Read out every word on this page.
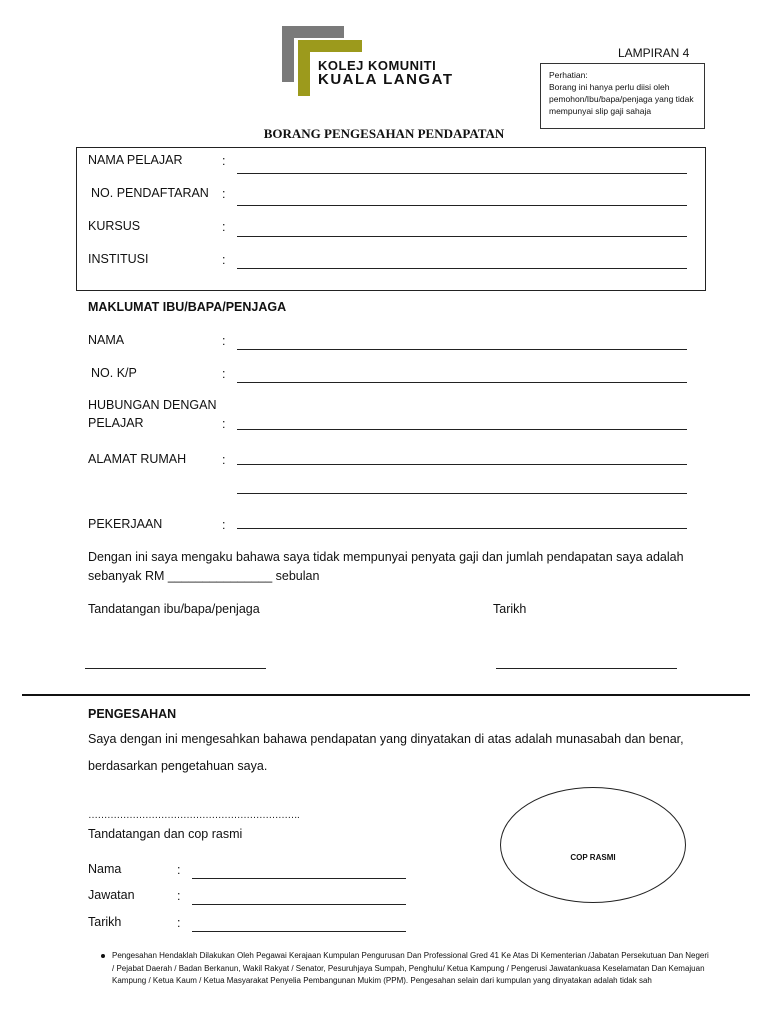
KOLEJ KOMUNITI
KUALA LANGAT
LAMPIRAN 4
Perhatian:
Borang ini hanya perlu diisi oleh pemohon/Ibu/bapa/penjaga yang tidak mempunyai slip gaji sahaja
BORANG PENGESAHAN PENDAPATAN
NAMA PELAJAR	:
NO. PENDAFTARAN :
KURSUS	:
INSTITUSI	:
MAKLUMAT IBU/BAPA/PENJAGA
NAMA	:
NO. K/P	:
HUBUNGAN DENGAN
PELAJAR	:
ALAMAT RUMAH	:
PEKERJAAN	:
Dengan ini saya mengaku bahawa saya tidak mempunyai penyata gaji dan jumlah pendapatan saya adalah
sebanyak RM _______________ sebulan
Tandatangan ibu/bapa/penjaga	Tarikh
PENGESAHAN
Saya dengan ini mengesahkan bahawa pendapatan yang dinyatakan di atas adalah munasabah dan benar,
berdasarkan pengetahuan saya.
………………………………………………………….
Tandatangan dan cop rasmi
Nama	:
Jawatan	:
Tarikh	:
COP RASMI
Pengesahan Hendaklah Dilakukan Oleh Pegawai Kerajaan Kumpulan Pengurusan Dan Professional Gred 41 Ke Atas Di Kementerian /Jabatan Persekutuan Dan Negeri / Pejabat Daerah / Badan Berkanun, Wakil Rakyat / Senator, Pesuruhjaya Sumpah, Penghulu/ Ketua Kampung / Pengerusi Jawatankuasa Keselamatan Dan Kemajuan Kampung / Ketua Kaum / Ketua Masyarakat Penyelia Pembangunan Mukim (PPM). Pengesahan selain dari kumpulan yang dinyatakan adalah tidak sah
